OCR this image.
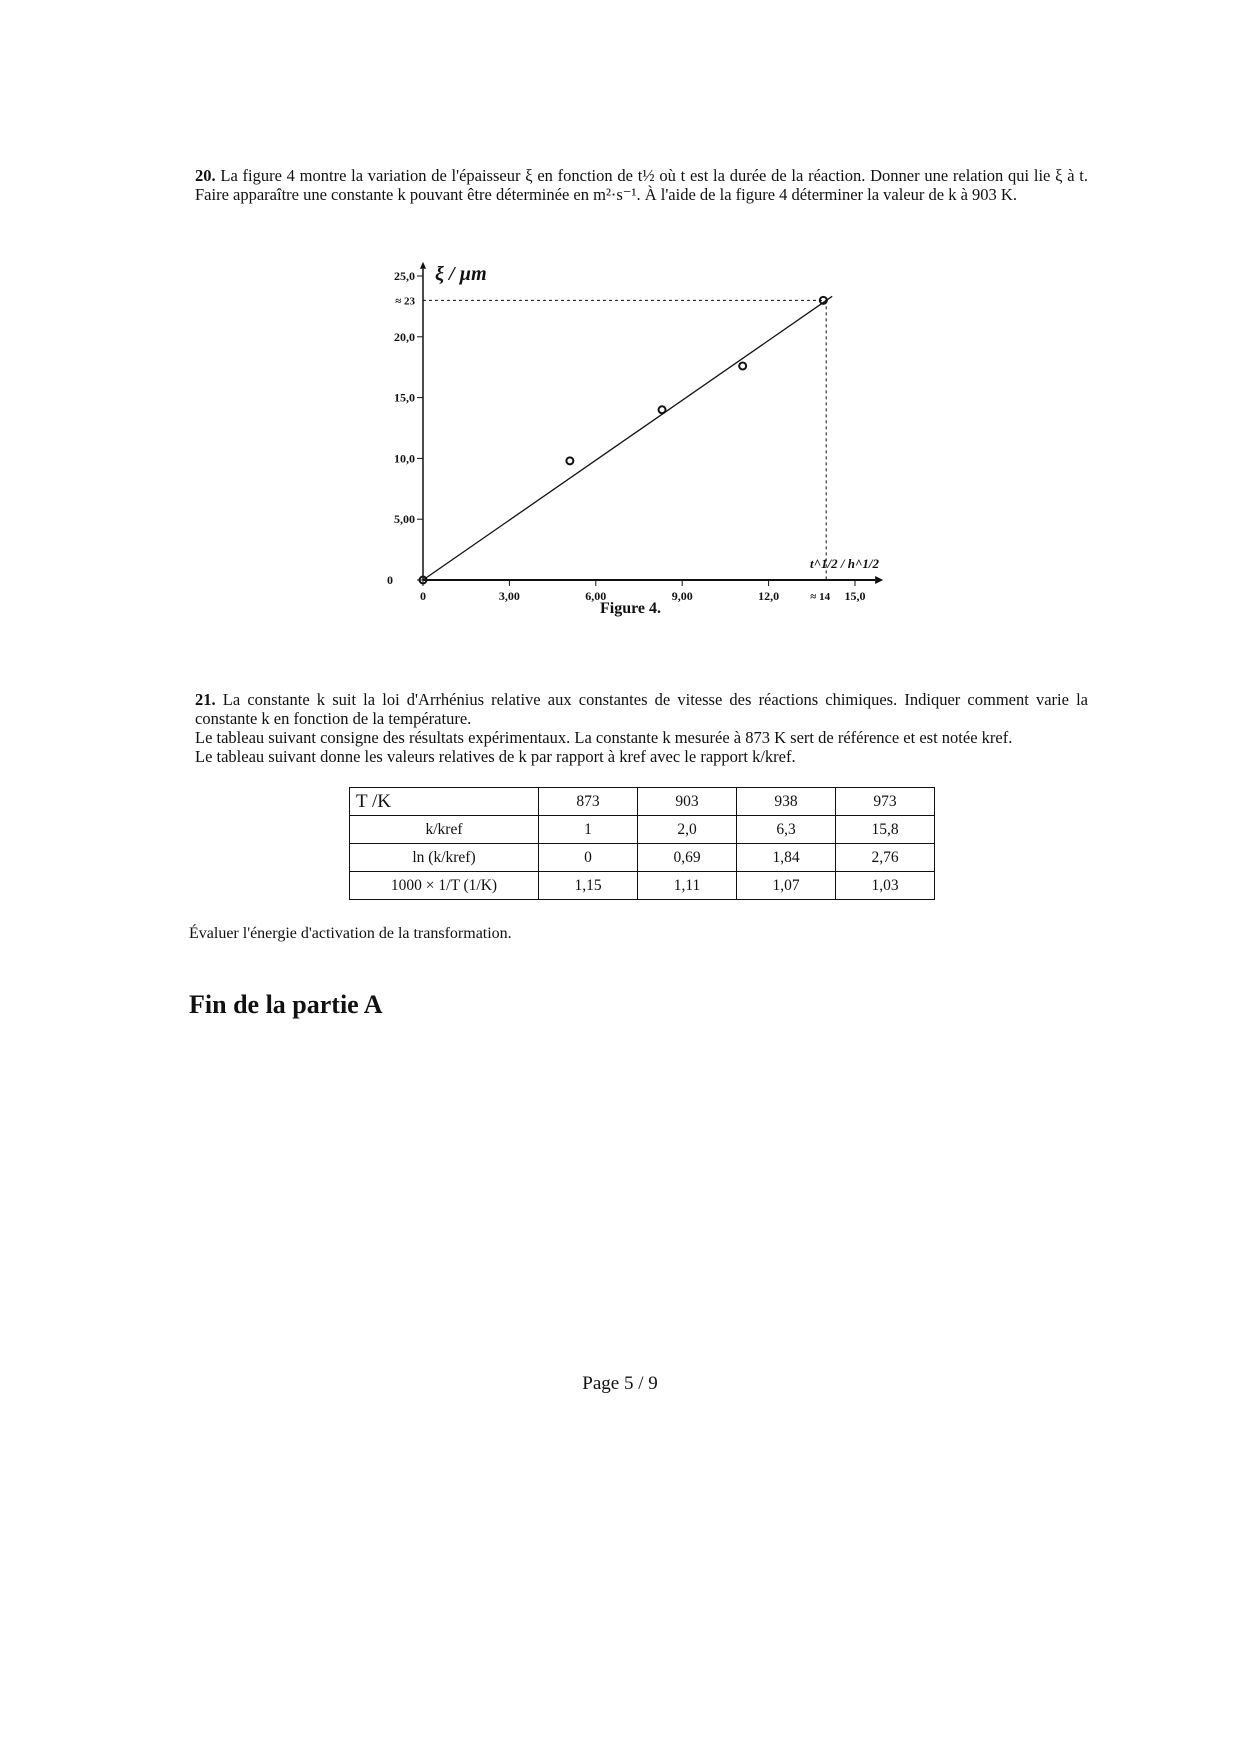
20. La figure 4 montre la variation de l'épaisseur ξ en fonction de t½ où t est la durée de la réaction. Donner une relation qui lie ξ à t. Faire apparaître une constante k pouvant être déterminée en m²·s⁻¹. À l'aide de la figure 4 déterminer la valeur de k à 903 K.
0	3,00	6,00	9,00	12,0	15,0
0
5,00
10,0
15,0
20,0
25,0
≈ 23
≈ 14
ξ / µm
t^1/2 / h^1/2
Figure 4.
21. La constante k suit la loi d'Arrhénius relative aux constantes de vitesse des réactions chimiques. Indiquer comment varie la constante k en fonction de la température.
Le tableau suivant consigne des résultats expérimentaux. La constante k mesurée à 873 K sert de référence et est notée kref.
Le tableau suivant donne les valeurs relatives de k par rapport à kref avec le rapport k/kref.
T /K	873	903	938	973
k/kref	1	2,0	6,3	15,8
ln (k/kref)	0	0,69	1,84	2,76
1000 × 1/T (1/K)	1,15	1,11	1,07	1,03
Évaluer l'énergie d'activation de la transformation.
Fin de la partie A
Page 5 / 9
